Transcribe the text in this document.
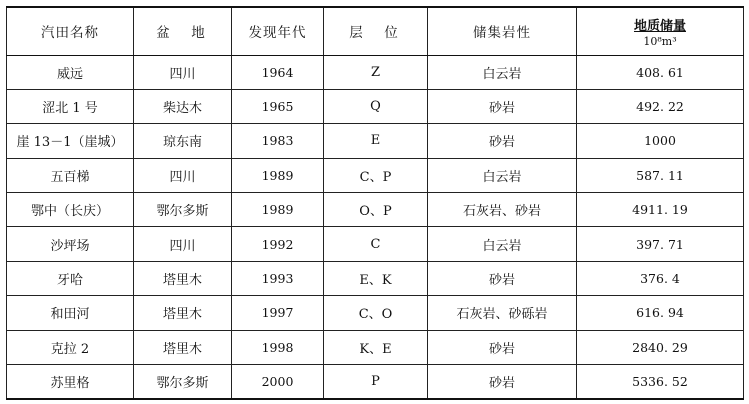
汽田名称	盆　地	发现年代	层　位	储集岩性	地质储量
10⁸m³

威远	四川	1964	Z	白云岩	408. 61
涩北 1 号	柴达木	1965	Q	砂岩	492. 22
崖 13－1（崖城）	琼东南	1983	E	砂岩	1000
五百梯	四川	1989	C、P	白云岩	587. 11
鄂中（长庆）	鄂尔多斯	1989	O、P	石灰岩、砂岩	4911. 19
沙坪场	四川	1992	C	白云岩	397. 71
牙哈	塔里木	1993	E、K	砂岩	376. 4
和田河	塔里木	1997	C、O	石灰岩、砂砾岩	616. 94
克拉 2	塔里木	1998	K、E	砂岩	2840. 29
苏里格	鄂尔多斯	2000	P	砂岩	5336. 52
